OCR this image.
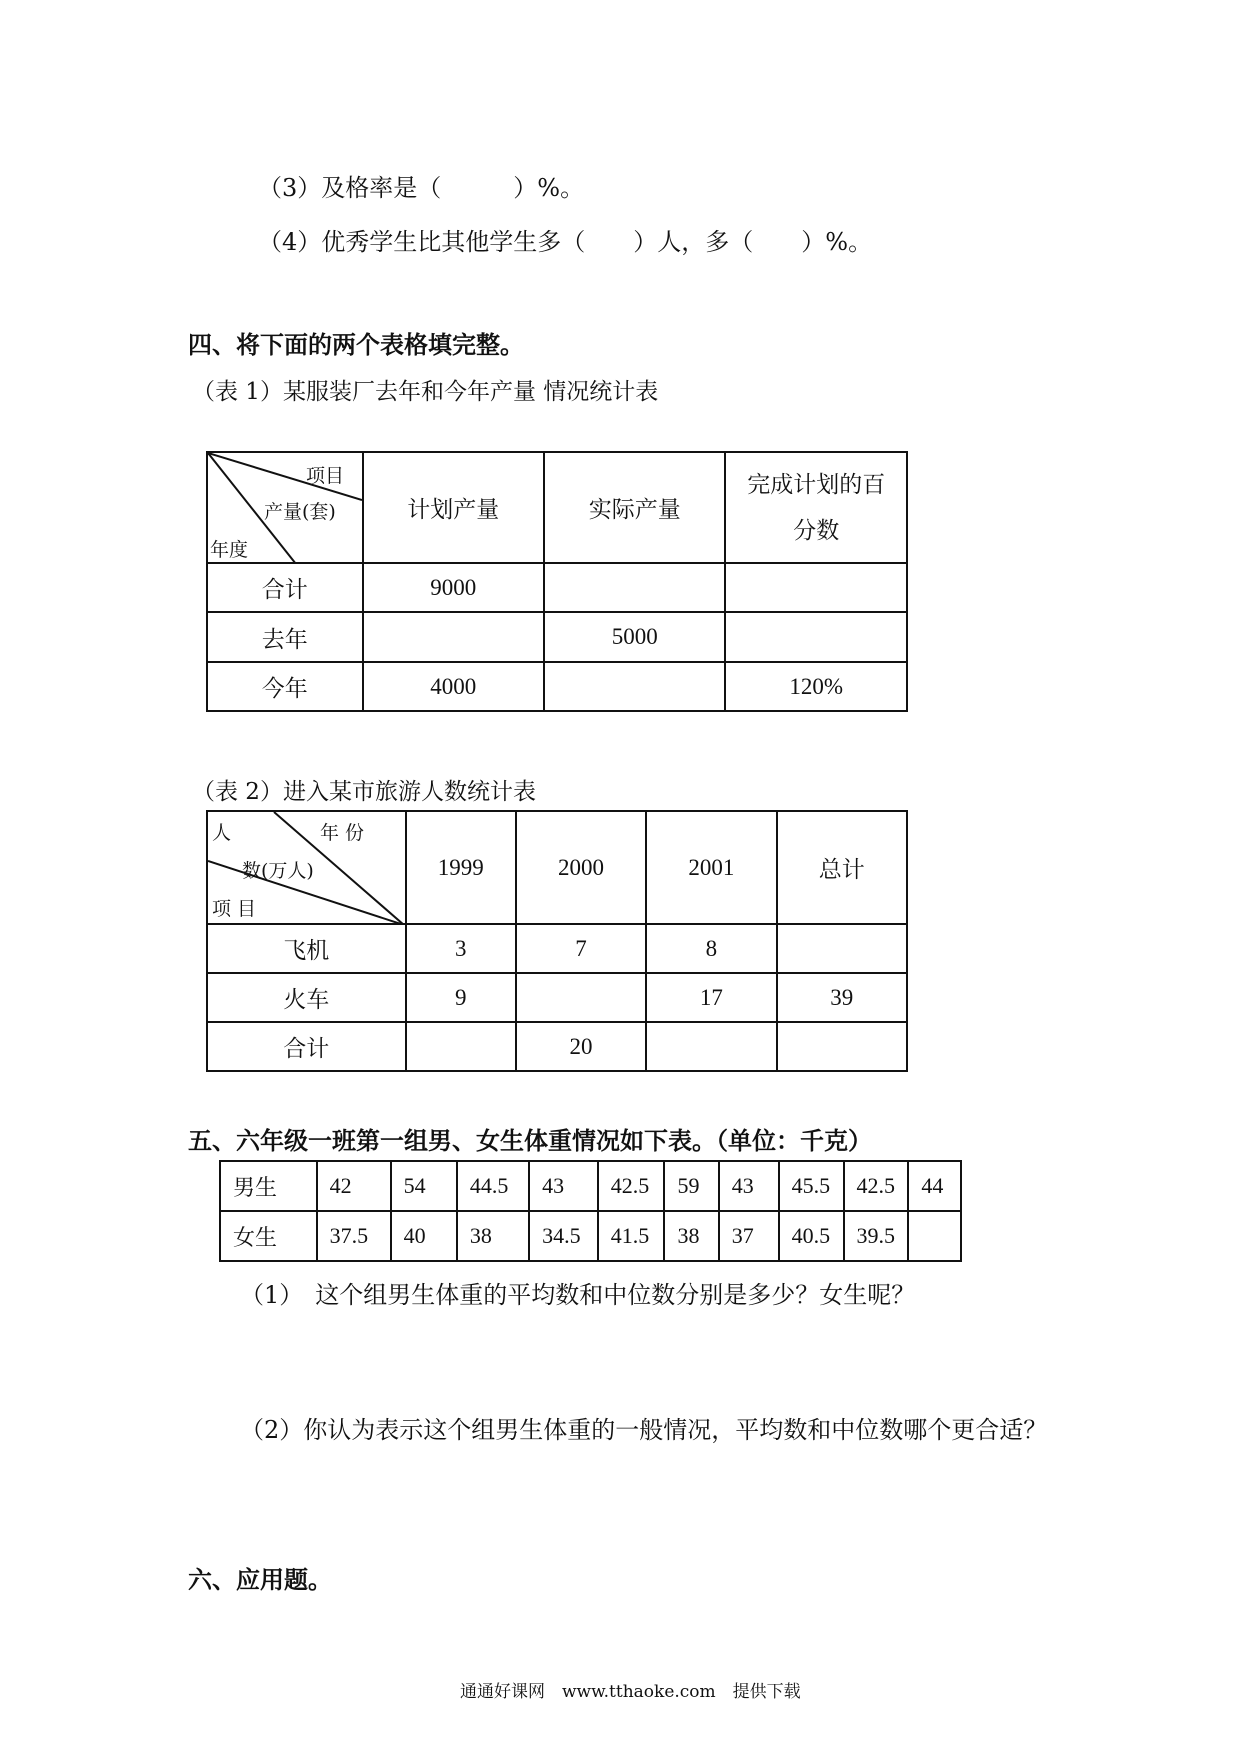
（3）及格率是（　　　）%。
（4）优秀学生比其他学生多（　　）人，多（　　）%。
四、将下面的两个表格填完整。
（表 1）某服装厂去年和今年产量 情况统计表
项目
产量(套)
年度	计划产量	实际产量	完成计划的百
分数
合计	9000		
去年		5000	
今年	4000		120%
（表 2）进入某市旅游人数统计表
人 年 份
数(万人)
项 目	1999	2000	2001	总计
飞机	3	7	8	
火车	9		17	39
合计		20		
五、六年级一班第一组男、女生体重情况如下表。（单位：千克）
男生	42	54	44.5	43	42.5	59	43	45.5	42.5	44
女生	37.5	40	38	34.5	41.5	38	37	40.5	39.5	
（1）　这个组男生体重的平均数和中位数分别是多少？女生呢？
（2）你认为表示这个组男生体重的一般情况，平均数和中位数哪个更合适？
六、应用题。
通通好课网　www.tthaoke.com　提供下载
